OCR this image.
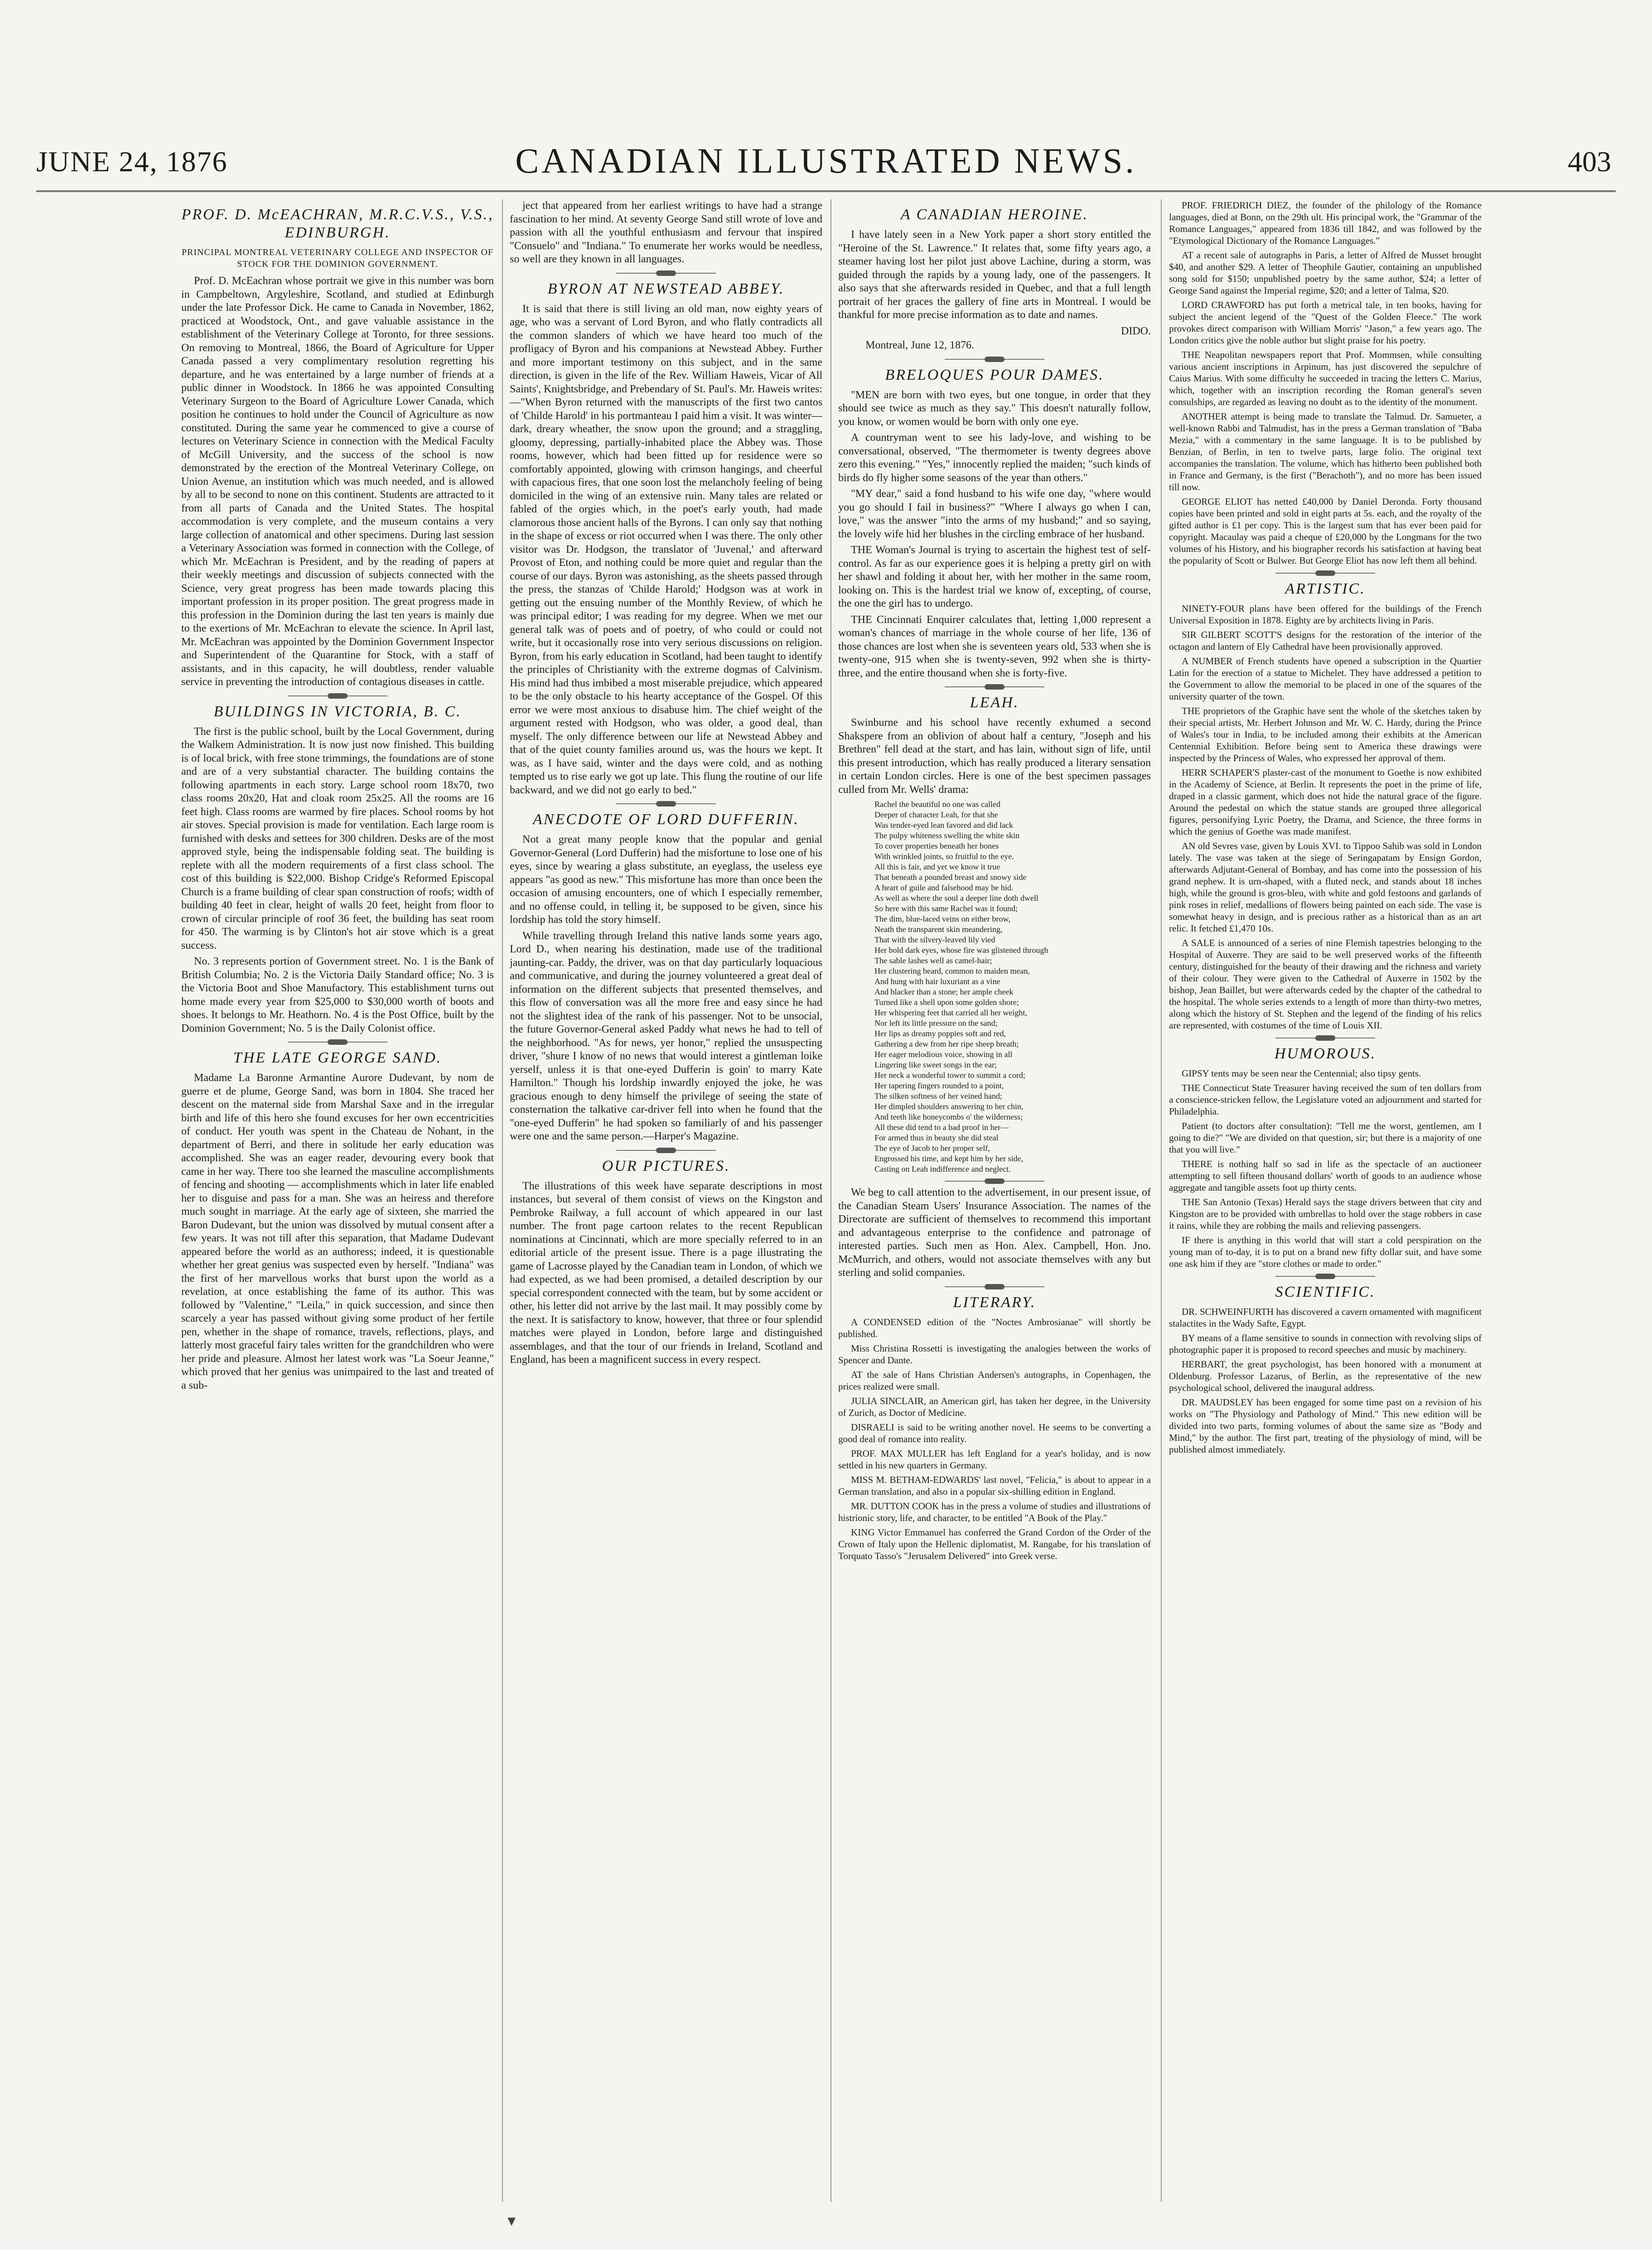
JUNE 24, 1876	CANADIAN ILLUSTRATED NEWS.	403
PROF. D. McEACHRAN, M.R.C.V.S., V.S., EDINBURGH.
PRINCIPAL MONTREAL VETERINARY COLLEGE AND INSPECTOR OF STOCK FOR THE DOMINION GOVERNMENT.

Prof. D. McEachran whose portrait we give in this number was born in Campbeltown, Argyleshire, Scotland, and studied at Edinburgh under the late Professor Dick. He came to Canada in November, 1862, practiced at Woodstock, Ont., and gave valuable assistance in the establishment of the Veterinary College at Toronto, for three sessions. On removing to Montreal, 1866, the Board of Agriculture for Upper Canada passed a very complimentary resolution regretting his departure, and he was entertained by a large number of friends at a public dinner in Woodstock. In 1866 he was appointed Consulting Veterinary Surgeon to the Board of Agriculture Lower Canada, which position he continues to hold under the Council of Agriculture as now constituted. During the same year he commenced to give a course of lectures on Veterinary Science in connection with the Medical Faculty of McGill University, and the success of the school is now demonstrated by the erection of the Montreal Veterinary College, on Union Avenue, an institution which was much needed, and is allowed by all to be second to none on this continent. Students are attracted to it from all parts of Canada and the United States. The hospital accommodation is very complete, and the museum contains a very large collection of anatomical and other specimens. During last session a Veterinary Association was formed in connection with the College, of which Mr. McEachran is President, and by the reading of papers at their weekly meetings and discussion of subjects connected with the Science, very great progress has been made towards placing this important profession in its proper position. The great progress made in this profession in the Dominion during the last ten years is mainly due to the exertions of Mr. McEachran to elevate the science. In April last, Mr. McEachran was appointed by the Dominion Government Inspector and Superintendent of the Quarantine for Stock, with a staff of assistants, and in this capacity, he will doubtless, render valuable service in preventing the introduction of contagious diseases in cattle.

BUILDINGS IN VICTORIA, B. C.

The first is the public school, built by the Local Government, during the Walkem Administration. It is now just now finished. This building is of local brick, with free stone trimmings, the foundations are of stone and are of a very substantial character. The building contains the following apartments in each story. Large school room 18x70, two class rooms 20x20, Hat and cloak room 25x25. All the rooms are 16 feet high. Class rooms are warmed by fire places. School rooms by hot air stoves. Special provision is made for ventilation. Each large room is furnished with desks and settees for 300 children. Desks are of the most approved style, being the indispensable folding seat. The building is replete with all the modern requirements of a first class school. The cost of this building is $22,000. Bishop Cridge's Reformed Episcopal Church is a frame building of clear span construction of roofs; width of building 40 feet in clear, height of walls 20 feet, height from floor to crown of circular principle of roof 36 feet, the building has seat room for 450. The warming is by Clinton's hot air stove which is a great success.

No. 3 represents portion of Government street. No. 1 is the Bank of British Columbia; No. 2 is the Victoria Daily Standard office; No. 3 is the Victoria Boot and Shoe Manufactory. This establishment turns out home made every year from $25,000 to $30,000 worth of boots and shoes. It belongs to Mr. Heathorn. No. 4 is the Post Office, built by the Dominion Government; No. 5 is the Daily Colonist office.

THE LATE GEORGE SAND.

Madame La Baronne Armantine Aurore Dudevant, by nom de guerre et de plume, George Sand, was born in 1804. She traced her descent on the maternal side from Marshal Saxe and in the irregular birth and life of this hero she found excuses for her own eccentricities of conduct. Her youth was spent in the Chateau de Nohant, in the department of Berri, and there in solitude her early education was accomplished. She was an eager reader, devouring every book that came in her way. There too she learned the masculine accomplishments of fencing and shooting — accomplishments which in later life enabled her to disguise and pass for a man. She was an heiress and therefore much sought in marriage. At the early age of sixteen, she married the Baron Dudevant, but the union was dissolved by mutual consent after a few years. It was not till after this separation, that Madame Dudevant appeared before the world as an authoress; indeed, it is questionable whether her great genius was suspected even by herself. "Indiana" was the first of her marvellous works that burst upon the world as a revelation, at once establishing the fame of its author. This was followed by "Valentine," "Leila," in quick succession, and since then scarcely a year has passed without giving some product of her fertile pen, whether in the shape of romance, travels, reflections, plays, and latterly most graceful fairy tales written for the grandchildren who were her pride and pleasure. Almost her latest work was "La Soeur Jeanne," which proved that her genius was unimpaired to the last and treated of a sub-

ject that appeared from her earliest writings to have had a strange fascination to her mind. At seventy George Sand still wrote of love and passion with all the youthful enthusiasm and fervour that inspired "Consuelo" and "Indiana." To enumerate her works would be needless, so well are they known in all languages.

BYRON AT NEWSTEAD ABBEY.

It is said that there is still living an old man, now eighty years of age, who was a servant of Lord Byron, and who flatly contradicts all the common slanders of which we have heard too much of the profligacy of Byron and his companions at Newstead Abbey. Further and more important testimony on this subject, and in the same direction, is given in the life of the Rev. William Haweis, Vicar of All Saints', Knightsbridge, and Prebendary of St. Paul's. Mr. Haweis writes:—"When Byron returned with the manuscripts of the first two cantos of 'Childe Harold' in his portmanteau I paid him a visit. It was winter—dark, dreary wheather, the snow upon the ground; and a straggling, gloomy, depressing, partially-inhabited place the Abbey was. Those rooms, however, which had been fitted up for residence were so comfortably appointed, glowing with crimson hangings, and cheerful with capacious fires, that one soon lost the melancholy feeling of being domiciled in the wing of an extensive ruin. Many tales are related or fabled of the orgies which, in the poet's early youth, had made clamorous those ancient halls of the Byrons. I can only say that nothing in the shape of excess or riot occurred when I was there. The only other visitor was Dr. Hodgson, the translator of 'Juvenal,' and afterward Provost of Eton, and nothing could be more quiet and regular than the course of our days. Byron was astonishing, as the sheets passed through the press, the stanzas of 'Childe Harold;' Hodgson was at work in getting out the ensuing number of the Monthly Review, of which he was principal editor; I was reading for my degree. When we met our general talk was of poets and of poetry, of who could or could not write, but it occasionally rose into very serious discussions on religion. Byron, from his early education in Scotland, had been taught to identify the principles of Christianity with the extreme dogmas of Calvinism. His mind had thus imbibed a most miserable prejudice, which appeared to be the only obstacle to his hearty acceptance of the Gospel. Of this error we were most anxious to disabuse him. The chief weight of the argument rested with Hodgson, who was older, a good deal, than myself. The only difference between our life at Newstead Abbey and that of the quiet county families around us, was the hours we kept. It was, as I have said, winter and the days were cold, and as nothing tempted us to rise early we got up late. This flung the routine of our life backward, and we did not go early to bed."

ANECDOTE OF LORD DUFFERIN.

Not a great many people know that the popular and genial Governor-General (Lord Dufferin) had the misfortune to lose one of his eyes, since by wearing a glass substitute, an eyeglass, the useless eye appears "as good as new." This misfortune has more than once been the occasion of amusing encounters, one of which I especially remember, and no offense could, in telling it, be supposed to be given, since his lordship has told the story himself.

While travelling through Ireland this native lands some years ago, Lord D., when nearing his destination, made use of the traditional jaunting-car. Paddy, the driver, was on that day particularly loquacious and communicative, and during the journey volunteered a great deal of information on the different subjects that presented themselves, and this flow of conversation was all the more free and easy since he had not the slightest idea of the rank of his passenger. Not to be unsocial, the future Governor-General asked Paddy what news he had to tell of the neighborhood. "As for news, yer honor," replied the unsuspecting driver, "shure I know of no news that would interest a gintleman loike yerself, unless it is that one-eyed Dufferin is goin' to marry Kate Hamilton." Though his lordship inwardly enjoyed the joke, he was gracious enough to deny himself the privilege of seeing the state of consternation the talkative car-driver fell into when he found that the "one-eyed Dufferin" he had spoken so familiarly of and his passenger were one and the same person.—Harper's Magazine.

OUR PICTURES.

The illustrations of this week have separate descriptions in most instances, but several of them consist of views on the Kingston and Pembroke Railway, a full account of which appeared in our last number. The front page cartoon relates to the recent Republican nominations at Cincinnati, which are more specially referred to in an editorial article of the present issue. There is a page illustrating the game of Lacrosse played by the Canadian team in London, of which we had expected, as we had been promised, a detailed description by our special correspondent connected with the team, but by some accident or other, his letter did not arrive by the last mail. It may possibly come by the next. It is satisfactory to know, however, that three or four splendid matches were played in London, before large and distinguished assemblages, and that the tour of our friends in Ireland, Scotland and England, has been a magnificent success in every respect.

A CANADIAN HEROINE.

I have lately seen in a New York paper a short story entitled the "Heroine of the St. Lawrence." It relates that, some fifty years ago, a steamer having lost her pilot just above Lachine, during a storm, was guided through the rapids by a young lady, one of the passengers. It also says that she afterwards resided in Quebec, and that a full length portrait of her graces the gallery of fine arts in Montreal. I would be thankful for more precise information as to date and names.

DIDO.

Montreal, June 12, 1876.

BRELOQUES POUR DAMES.

"MEN are born with two eyes, but one tongue, in order that they should see twice as much as they say." This doesn't naturally follow, you know, or women would be born with only one eye.

A countryman went to see his lady-love, and wishing to be conversational, observed, "The thermometer is twenty degrees above zero this evening." "Yes," innocently replied the maiden; "such kinds of birds do fly higher some seasons of the year than others."

"MY dear," said a fond husband to his wife one day, "where would you go should I fail in business?" "Where I always go when I can, love," was the answer "into the arms of my husband;" and so saying, the lovely wife hid her blushes in the circling embrace of her husband.

THE Woman's Journal is trying to ascertain the highest test of self-control. As far as our experience goes it is helping a pretty girl on with her shawl and folding it about her, with her mother in the same room, looking on. This is the hardest trial we know of, excepting, of course, the one the girl has to undergo.

THE Cincinnati Enquirer calculates that, letting 1,000 represent a woman's chances of marriage in the whole course of her life, 136 of those chances are lost when she is seventeen years old, 533 when she is twenty-one, 915 when she is twenty-seven, 992 when she is thirty-three, and the entire thousand when she is forty-five.

LEAH.

Swinburne and his school have recently exhumed a second Shakspere from an oblivion of about half a century, "Joseph and his Brethren" fell dead at the start, and has lain, without sign of life, until this present introduction, which has really produced a literary sensation in certain London circles. Here is one of the best specimen passages culled from Mr. Wells' drama:

Rachel the beautiful no one was called
Deeper of character Leah, for that she
Was tender-eyed lean favored and did lack
The pulpy whiteness swelling the white skin
To cover properties beneath her bones
With wrinkled joints, so fruitful to the eye.
All this is fair, and yet we know it true
That beneath a pounded breast and snowy side
A heart of guile and falsehood may be hid.
As well as where the soul a deeper line doth dwell
So here with this same Rachel was it found;
The dim, blue-laced veins on either brow,
Neath the transparent skin meandering,
That with the silvery-leaved lily vied
Her bold dark eyes, whose fire was glistened through
The sable lashes well as camel-hair;
Her clustering beard, common to maiden mean,
And hung with hair luxuriant as a vine
And blacker than a stone; her ample cheek
Turned like a shell upon some golden shore;
Her whispering feet that carried all her weight,
Nor left its little pressure on the sand;
Her lips as dreamy poppies soft and red,
Gathering a dew from her ripe sheep breath;
Her eager melodious voice, showing in all
Lingering like sweet songs in the ear;
Her neck a wonderful tower to summit a cord;
Her tapering fingers rounded to a point,
The silken softness of her veined hand;
Her dimpled shoulders answering to her chin,
And teeth like honeycombs o' the wilderness;
All these did tend to a bad proof in her—
For armed thus in beauty she did steal
The eye of Jacob to her proper self,
Engrossed his time, and kept him by her side,
Casting on Leah indifference and neglect.

We beg to call attention to the advertisement, in our present issue, of the Canadian Steam Users' Insurance Association. The names of the Directorate are sufficient of themselves to recommend this important and advantageous enterprise to the confidence and patronage of interested parties. Such men as Hon. Alex. Campbell, Hon. Jno. McMurrich, and others, would not associate themselves with any but sterling and solid companies.

LITERARY.

A CONDENSED edition of the "Noctes Ambrosianae" will shortly be published.

Miss Christina Rossetti is investigating the analogies between the works of Spencer and Dante.

AT the sale of Hans Christian Andersen's autographs, in Copenhagen, the prices realized were small.

JULIA SINCLAIR, an American girl, has taken her degree, in the University of Zurich, as Doctor of Medicine.

DISRAELI is said to be writing another novel. He seems to be converting a good deal of romance into reality.

PROF. MAX MULLER has left England for a year's holiday, and is now settled in his new quarters in Germany.

MISS M. BETHAM-EDWARDS' last novel, "Felicia," is about to appear in a German translation, and also in a popular six-shilling edition in England.

MR. DUTTON COOK has in the press a volume of studies and illustrations of histrionic story, life, and character, to be entitled "A Book of the Play."

KING Victor Emmanuel has conferred the Grand Cordon of the Order of the Crown of Italy upon the Hellenic diplomatist, M. Rangabe, for his translation of Torquato Tasso's "Jerusalem Delivered" into Greek verse.

PROF. FRIEDRICH DIEZ, the founder of the philology of the Romance languages, died at Bonn, on the 29th ult. His principal work, the "Grammar of the Romance Languages," appeared from 1836 till 1842, and was followed by the "Etymological Dictionary of the Romance Languages."

AT a recent sale of autographs in Paris, a letter of Alfred de Musset brought $40, and another $29. A letter of Theophile Gautier, containing an unpublished song sold for $150; unpublished poetry by the same author, $24; a letter of George Sand against the Imperial regime, $20; and a letter of Talma, $20.

LORD CRAWFORD has put forth a metrical tale, in ten books, having for subject the ancient legend of the "Quest of the Golden Fleece." The work provokes direct comparison with William Morris' "Jason," a few years ago. The London critics give the noble author but slight praise for his poetry.

THE Neapolitan newspapers report that Prof. Mommsen, while consulting various ancient inscriptions in Arpinum, has just discovered the sepulchre of Caius Marius. With some difficulty he succeeded in tracing the letters C. Marius, which, together with an inscription recording the Roman general's seven consulships, are regarded as leaving no doubt as to the identity of the monument.

ANOTHER attempt is being made to translate the Talmud. Dr. Samueter, a well-known Rabbi and Talmudist, has in the press a German translation of "Baba Mezia," with a commentary in the same language. It is to be published by Benzian, of Berlin, in ten to twelve parts, large folio. The original text accompanies the translation. The volume, which has hitherto been published both in France and Germany, is the first ("Berachoth"), and no more has been issued till now.

GEORGE ELIOT has netted £40,000 by Daniel Deronda. Forty thousand copies have been printed and sold in eight parts at 5s. each, and the royalty of the gifted author is £1 per copy. This is the largest sum that has ever been paid for copyright. Macaulay was paid a cheque of £20,000 by the Longmans for the two volumes of his History, and his biographer records his satisfaction at having beat the popularity of Scott or Bulwer. But George Eliot has now left them all behind.

ARTISTIC.

NINETY-FOUR plans have been offered for the buildings of the French Universal Exposition in 1878. Eighty are by architects living in Paris.

SIR GILBERT SCOTT'S designs for the restoration of the interior of the octagon and lantern of Ely Cathedral have been provisionally approved.

A NUMBER of French students have opened a subscription in the Quartier Latin for the erection of a statue to Michelet. They have addressed a petition to the Government to allow the memorial to be placed in one of the squares of the university quarter of the town.

THE proprietors of the Graphic have sent the whole of the sketches taken by their special artists, Mr. Herbert Johnson and Mr. W. C. Hardy, during the Prince of Wales's tour in India, to be included among their exhibits at the American Centennial Exhibition. Before being sent to America these drawings were inspected by the Princess of Wales, who expressed her approval of them.

HERR SCHAPER'S plaster-cast of the monument to Goethe is now exhibited in the Academy of Science, at Berlin. It represents the poet in the prime of life, draped in a classic garment, which does not hide the natural grace of the figure. Around the pedestal on which the statue stands are grouped three allegorical figures, personifying Lyric Poetry, the Drama, and Science, the three forms in which the genius of Goethe was made manifest.

AN old Sevres vase, given by Louis XVI. to Tippoo Sahib was sold in London lately. The vase was taken at the siege of Seringapatam by Ensign Gordon, afterwards Adjutant-General of Bombay, and has come into the possession of his grand nephew. It is urn-shaped, with a fluted neck, and stands about 18 inches high, while the ground is gros-bleu, with white and gold festoons and garlands of pink roses in relief, medallions of flowers being painted on each side. The vase is somewhat heavy in design, and is precious rather as a historical than as an art relic. It fetched £1,470 10s.

A SALE is announced of a series of nine Flemish tapestries belonging to the Hospital of Auxerre. They are said to be well preserved works of the fifteenth century, distinguished for the beauty of their drawing and the richness and variety of their colour. They were given to the Cathedral of Auxerre in 1502 by the bishop, Jean Baillet, but were afterwards ceded by the chapter of the cathedral to the hospital. The whole series extends to a length of more than thirty-two metres, along which the history of St. Stephen and the legend of the finding of his relics are represented, with costumes of the time of Louis XII.

HUMOROUS.

GIPSY tents may be seen near the Centennial; also tipsy gents.

THE Connecticut State Treasurer having received the sum of ten dollars from a conscience-stricken fellow, the Legislature voted an adjournment and started for Philadelphia.

Patient (to doctors after consultation): "Tell me the worst, gentlemen, am I going to die?" "We are divided on that question, sir; but there is a majority of one that you will live."

THERE is nothing half so sad in life as the spectacle of an auctioneer attempting to sell fifteen thousand dollars' worth of goods to an audience whose aggregate and tangible assets foot up thirty cents.

THE San Antonio (Texas) Herald says the stage drivers between that city and Kingston are to be provided with umbrellas to hold over the stage robbers in case it rains, while they are robbing the mails and relieving passengers.

IF there is anything in this world that will start a cold perspiration on the young man of to-day, it is to put on a brand new fifty dollar suit, and have some one ask him if they are "store clothes or made to order."

SCIENTIFIC.

DR. SCHWEINFURTH has discovered a cavern ornamented with magnificent stalactites in the Wady Safte, Egypt.

BY means of a flame sensitive to sounds in connection with revolving slips of photographic paper it is proposed to record speeches and music by machinery.

HERBART, the great psychologist, has been honored with a monument at Oldenburg. Professor Lazarus, of Berlin, as the representative of the new psychological school, delivered the inaugural address.

DR. MAUDSLEY has been engaged for some time past on a revision of his works on "The Physiology and Pathology of Mind." This new edition will be divided into two parts, forming volumes of about the same size as "Body and Mind," by the author. The first part, treating of the physiology of mind, will be published almost immediately.

▾
